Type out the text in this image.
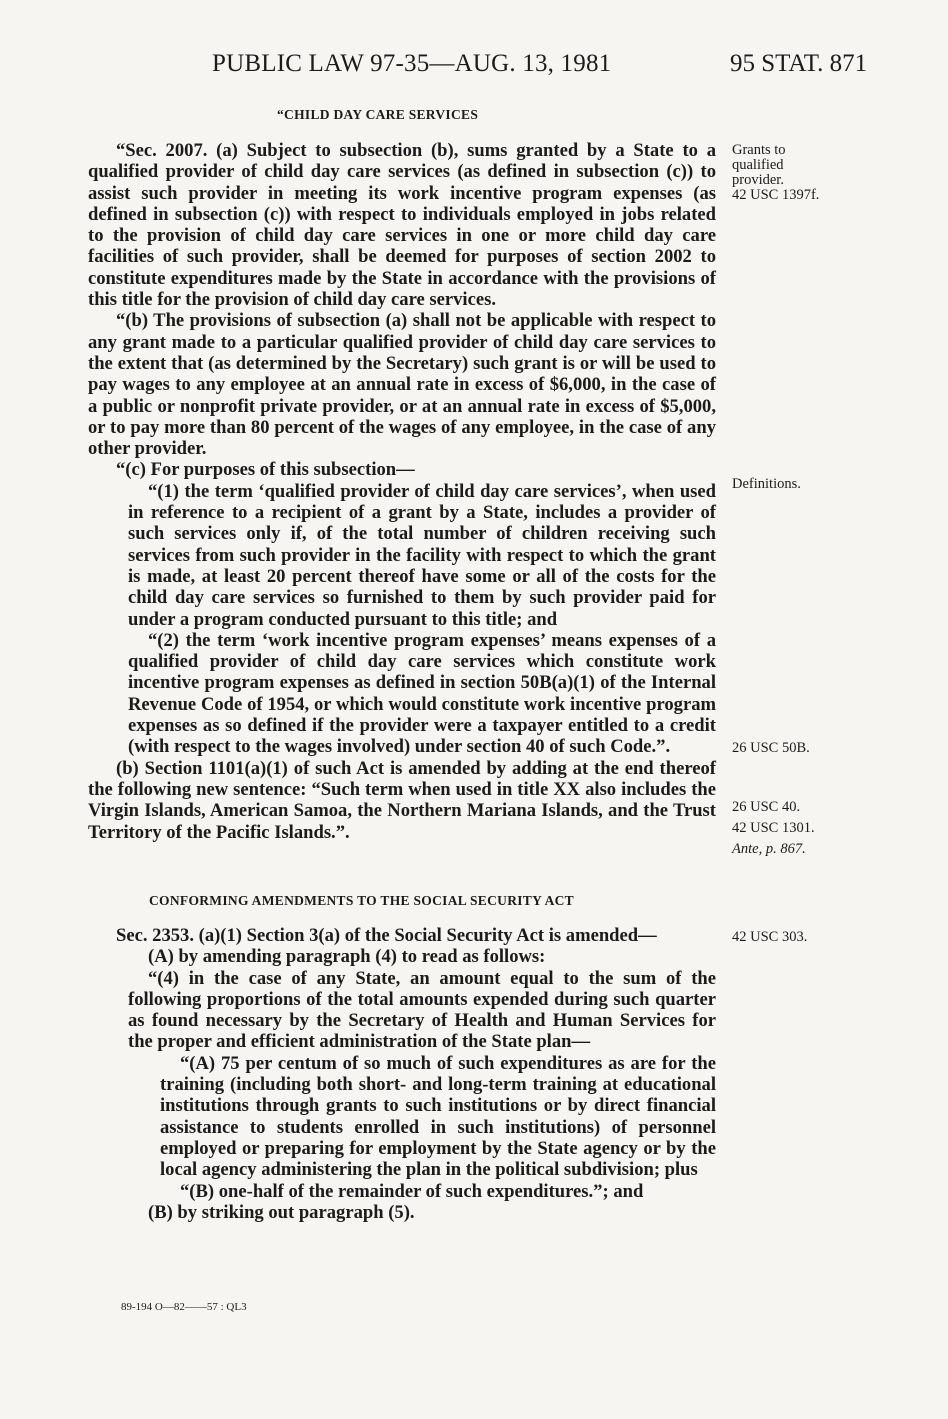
PUBLIC LAW 97-35—AUG. 13, 1981	95 STAT. 871
“CHILD DAY CARE SERVICES

“Sec. 2007. (a) Subject to subsection (b), sums granted by a State to a qualified provider of child day care services (as defined in subsection (c)) to assist such provider in meeting its work incentive program expenses (as defined in subsection (c)) with respect to individuals employed in jobs related to the provision of child day care services in one or more child day care facilities of such provider, shall be deemed for purposes of section 2002 to constitute expenditures made by the State in accordance with the provisions of this title for the provision of child day care services.

“(b) The provisions of subsection (a) shall not be applicable with respect to any grant made to a particular qualified provider of child day care services to the extent that (as determined by the Secretary) such grant is or will be used to pay wages to any employee at an annual rate in excess of $6,000, in the case of a public or nonprofit private provider, or at an annual rate in excess of $5,000, or to pay more than 80 percent of the wages of any employee, in the case of any other provider.

“(c) For purposes of this subsection—

“(1) the term ‘qualified provider of child day care services’, when used in reference to a recipient of a grant by a State, includes a provider of such services only if, of the total number of children receiving such services from such provider in the facility with respect to which the grant is made, at least 20 percent thereof have some or all of the costs for the child day care services so furnished to them by such provider paid for under a program conducted pursuant to this title; and

“(2) the term ‘work incentive program expenses’ means expenses of a qualified provider of child day care services which constitute work incentive program expenses as defined in section 50B(a)(1) of the Internal Revenue Code of 1954, or which would constitute work incentive program expenses as so defined if the provider were a taxpayer entitled to a credit (with respect to the wages involved) under section 40 of such Code.”.

(b) Section 1101(a)(1) of such Act is amended by adding at the end thereof the following new sentence: “Such term when used in title XX also includes the Virgin Islands, American Samoa, the Northern Mariana Islands, and the Trust Territory of the Pacific Islands.”.

CONFORMING AMENDMENTS TO THE SOCIAL SECURITY ACT

Sec. 2353. (a)(1) Section 3(a) of the Social Security Act is amended—

(A) by amending paragraph (4) to read as follows:

“(4) in the case of any State, an amount equal to the sum of the following proportions of the total amounts expended during such quarter as found necessary by the Secretary of Health and Human Services for the proper and efficient administration of the State plan—

“(A) 75 per centum of so much of such expenditures as are for the training (including both short- and long-term training at educational institutions through grants to such institutions or by direct financial assistance to students enrolled in such institutions) of personnel employed or preparing for employment by the State agency or by the local agency administering the plan in the political subdivision; plus

“(B) one-half of the remainder of such expenditures.”; and

(B) by striking out paragraph (5).

Grants to
qualified
provider.
42 USC 1397f.
Definitions.
26 USC 50B.
26 USC 40.
42 USC 1301.
Ante, p. 867.
42 USC 303.
89-194 O—82——57 : QL3
